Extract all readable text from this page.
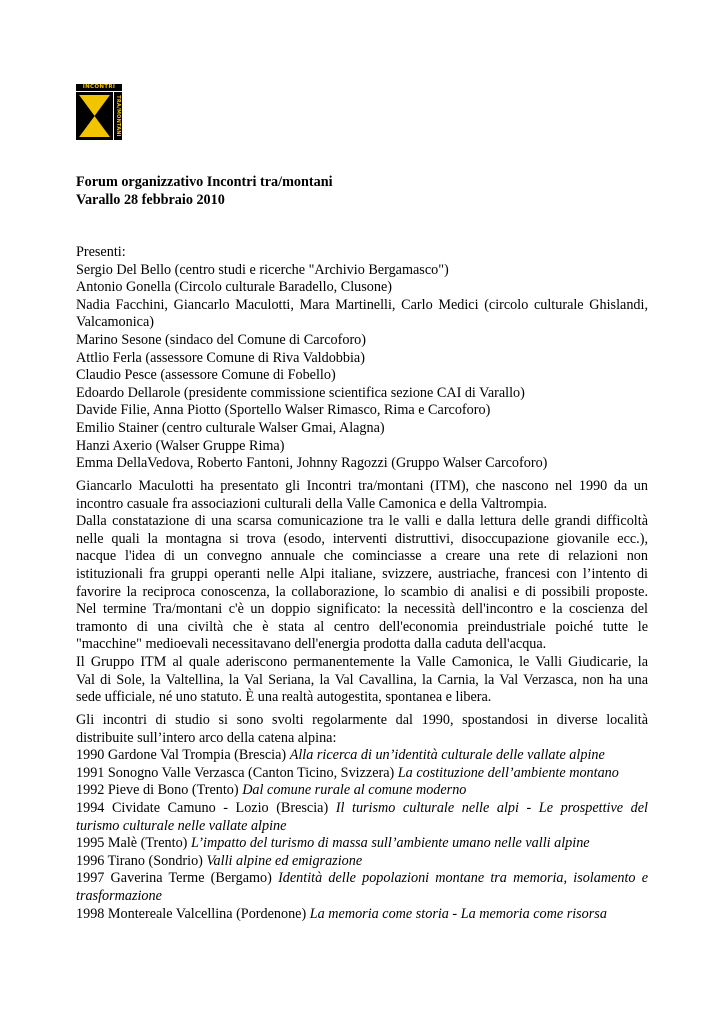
INCONTRI
TRA/MONTANI
Forum organizzativo Incontri tra/montani
Varallo 28 febbraio 2010
Presenti:
Sergio Del Bello (centro studi e ricerche "Archivio Bergamasco")
Antonio Gonella (Circolo culturale Baradello, Clusone)
Nadia Facchini, Giancarlo Maculotti, Mara Martinelli, Carlo Medici (circolo culturale Ghislandi,
Valcamonica)
Marino Sesone (sindaco del Comune di Carcoforo)
Attlio Ferla (assessore Comune di Riva Valdobbia)
Claudio Pesce (assessore Comune di Fobello)
Edoardo Dellarole (presidente commissione scientifica sezione CAI di Varallo)
Davide Filie, Anna Piotto (Sportello Walser Rimasco, Rima e Carcoforo)
Emilio Stainer (centro culturale Walser Gmai, Alagna)
Hanzi Axerio (Walser Gruppe Rima)
Emma DellaVedova, Roberto Fantoni, Johnny Ragozzi (Gruppo Walser Carcoforo)
Giancarlo Maculotti ha presentato gli Incontri tra/montani (ITM), che nascono nel 1990 da un
incontro casuale fra associazioni culturali della Valle Camonica e della Valtrompia.
Dalla constatazione di una scarsa comunicazione tra le valli e dalla lettura delle grandi difficoltà
nelle quali la montagna si trova (esodo, interventi distruttivi, disoccupazione giovanile ecc.),
nacque l'idea di un convegno annuale che cominciasse a creare una rete di relazioni non
istituzionali fra gruppi operanti nelle Alpi italiane, svizzere, austriache, francesi con l’intento di
favorire la reciproca conoscenza, la collaborazione, lo scambio di analisi e di possibili proposte.
Nel termine Tra/montani c'è un doppio significato: la necessità dell'incontro e la coscienza del
tramonto di una civiltà che è stata al centro dell'economia preindustriale poiché tutte le
"macchine" medioevali necessitavano dell'energia prodotta dalla caduta dell'acqua.
Il Gruppo ITM al quale aderiscono permanentemente la Valle Camonica, le Valli Giudicarie, la
Val di Sole, la Valtellina, la Val Seriana, la Val Cavallina, la Carnia, la Val Verzasca, non ha una
sede ufficiale, né uno statuto. È una realtà autogestita, spontanea e libera.
Gli incontri di studio si sono svolti regolarmente dal 1990, spostandosi in diverse località
distribuite sull’intero arco della catena alpina:
1990 Gardone Val Trompia (Brescia) Alla ricerca di un’identità culturale delle vallate alpine
1991 Sonogno Valle Verzasca (Canton Ticino, Svizzera) La costituzione dell’ambiente montano
1992 Pieve di Bono (Trento) Dal comune rurale al comune moderno
1994 Cividate Camuno - Lozio (Brescia) Il turismo culturale nelle alpi - Le prospettive del
turismo culturale nelle vallate alpine
1995 Malè (Trento) L’impatto del turismo di massa sull’ambiente umano nelle valli alpine
1996 Tirano (Sondrio) Valli alpine ed emigrazione
1997 Gaverina Terme (Bergamo) Identità delle popolazioni montane tra memoria, isolamento e
trasformazione
1998 Montereale Valcellina (Pordenone) La memoria come storia - La memoria come risorsa
